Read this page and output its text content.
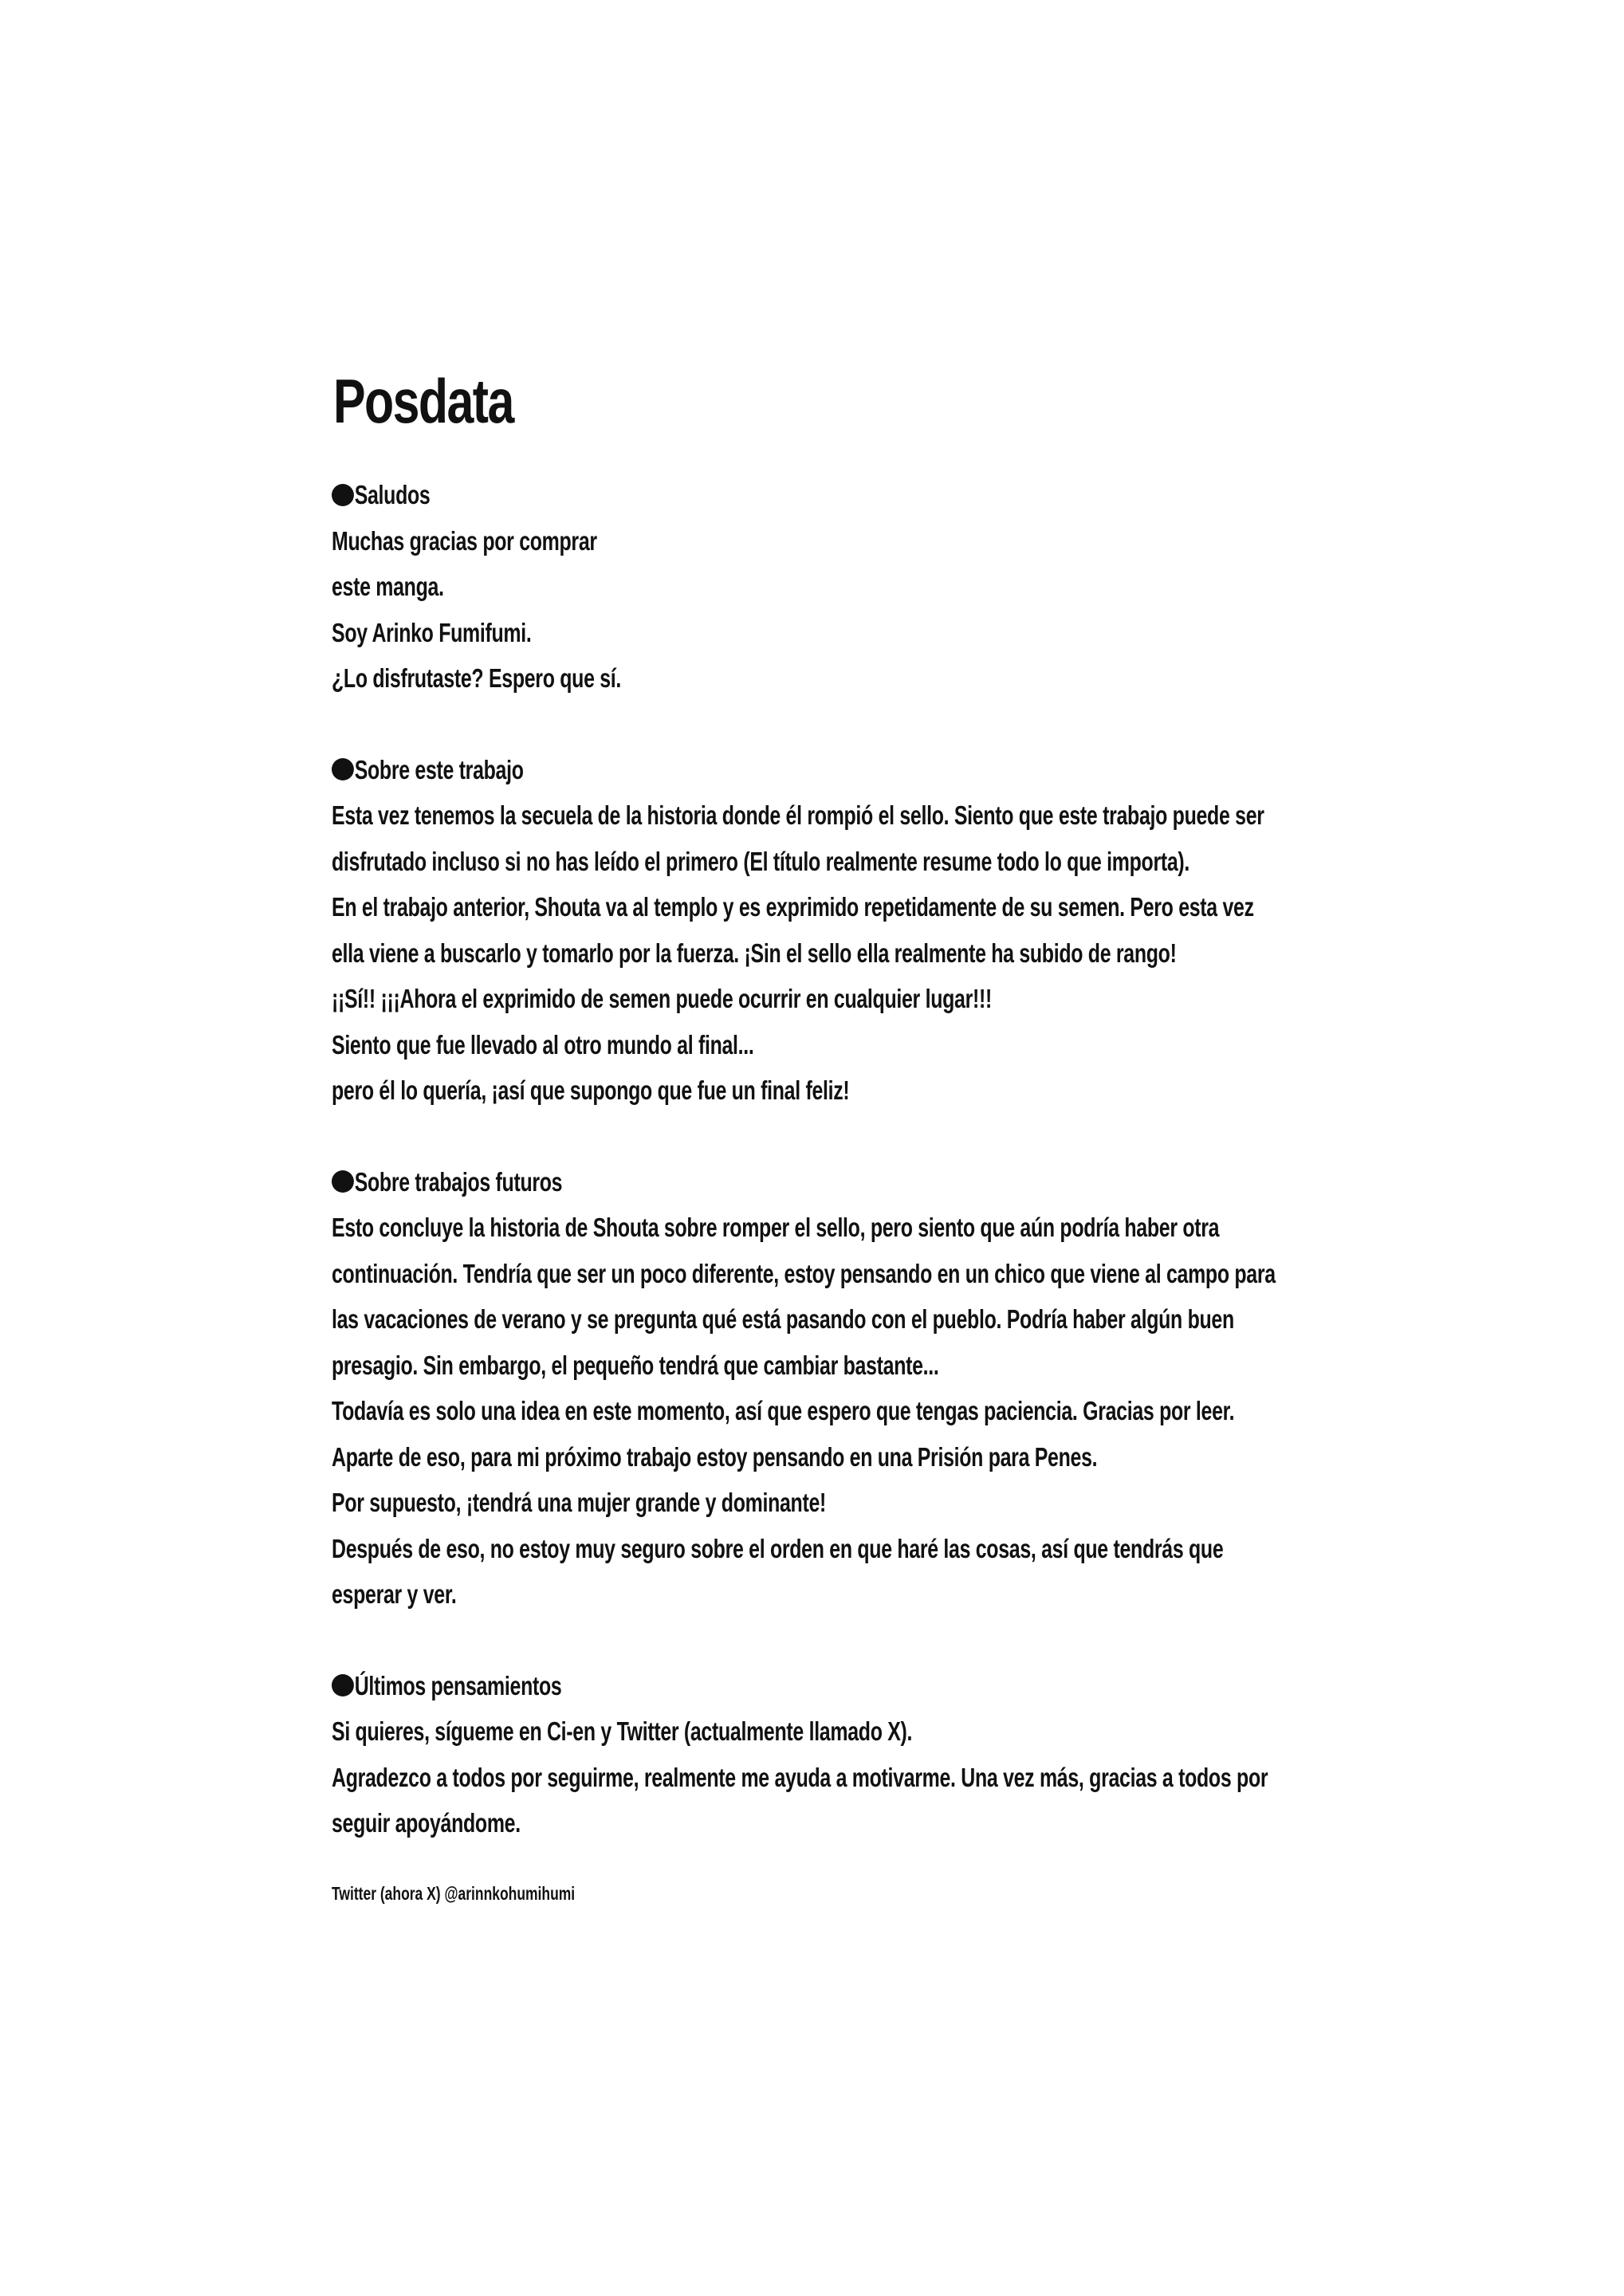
Posdata
Saludos
Muchas gracias por comprar
este manga.
Soy Arinko Fumifumi.
¿Lo disfrutaste? Espero que sí.
Sobre este trabajo
Esta vez tenemos la secuela de la historia donde él rompió el sello. Siento que este trabajo puede ser
disfrutado incluso si no has leído el primero (El título realmente resume todo lo que importa).
En el trabajo anterior, Shouta va al templo y es exprimido repetidamente de su semen. Pero esta vez
ella viene a buscarlo y tomarlo por la fuerza. ¡Sin el sello ella realmente ha subido de rango!
¡¡Sí!! ¡¡¡Ahora el exprimido de semen puede ocurrir en cualquier lugar!!!
Siento que fue llevado al otro mundo al final...
pero él lo quería, ¡así que supongo que fue un final feliz!
Sobre trabajos futuros
Esto concluye la historia de Shouta sobre romper el sello, pero siento que aún podría haber otra
continuación. Tendría que ser un poco diferente, estoy pensando en un chico que viene al campo para
las vacaciones de verano y se pregunta qué está pasando con el pueblo. Podría haber algún buen
presagio. Sin embargo, el pequeño tendrá que cambiar bastante...
Todavía es solo una idea en este momento, así que espero que tengas paciencia. Gracias por leer.
Aparte de eso, para mi próximo trabajo estoy pensando en una Prisión para Penes.
Por supuesto, ¡tendrá una mujer grande y dominante!
Después de eso, no estoy muy seguro sobre el orden en que haré las cosas, así que tendrás que
esperar y ver.
Últimos pensamientos
Si quieres, sígueme en Ci-en y Twitter (actualmente llamado X).
Agradezco a todos por seguirme, realmente me ayuda a motivarme. Una vez más, gracias a todos por
seguir apoyándome.
Twitter (ahora X) @arinnkohumihumi
